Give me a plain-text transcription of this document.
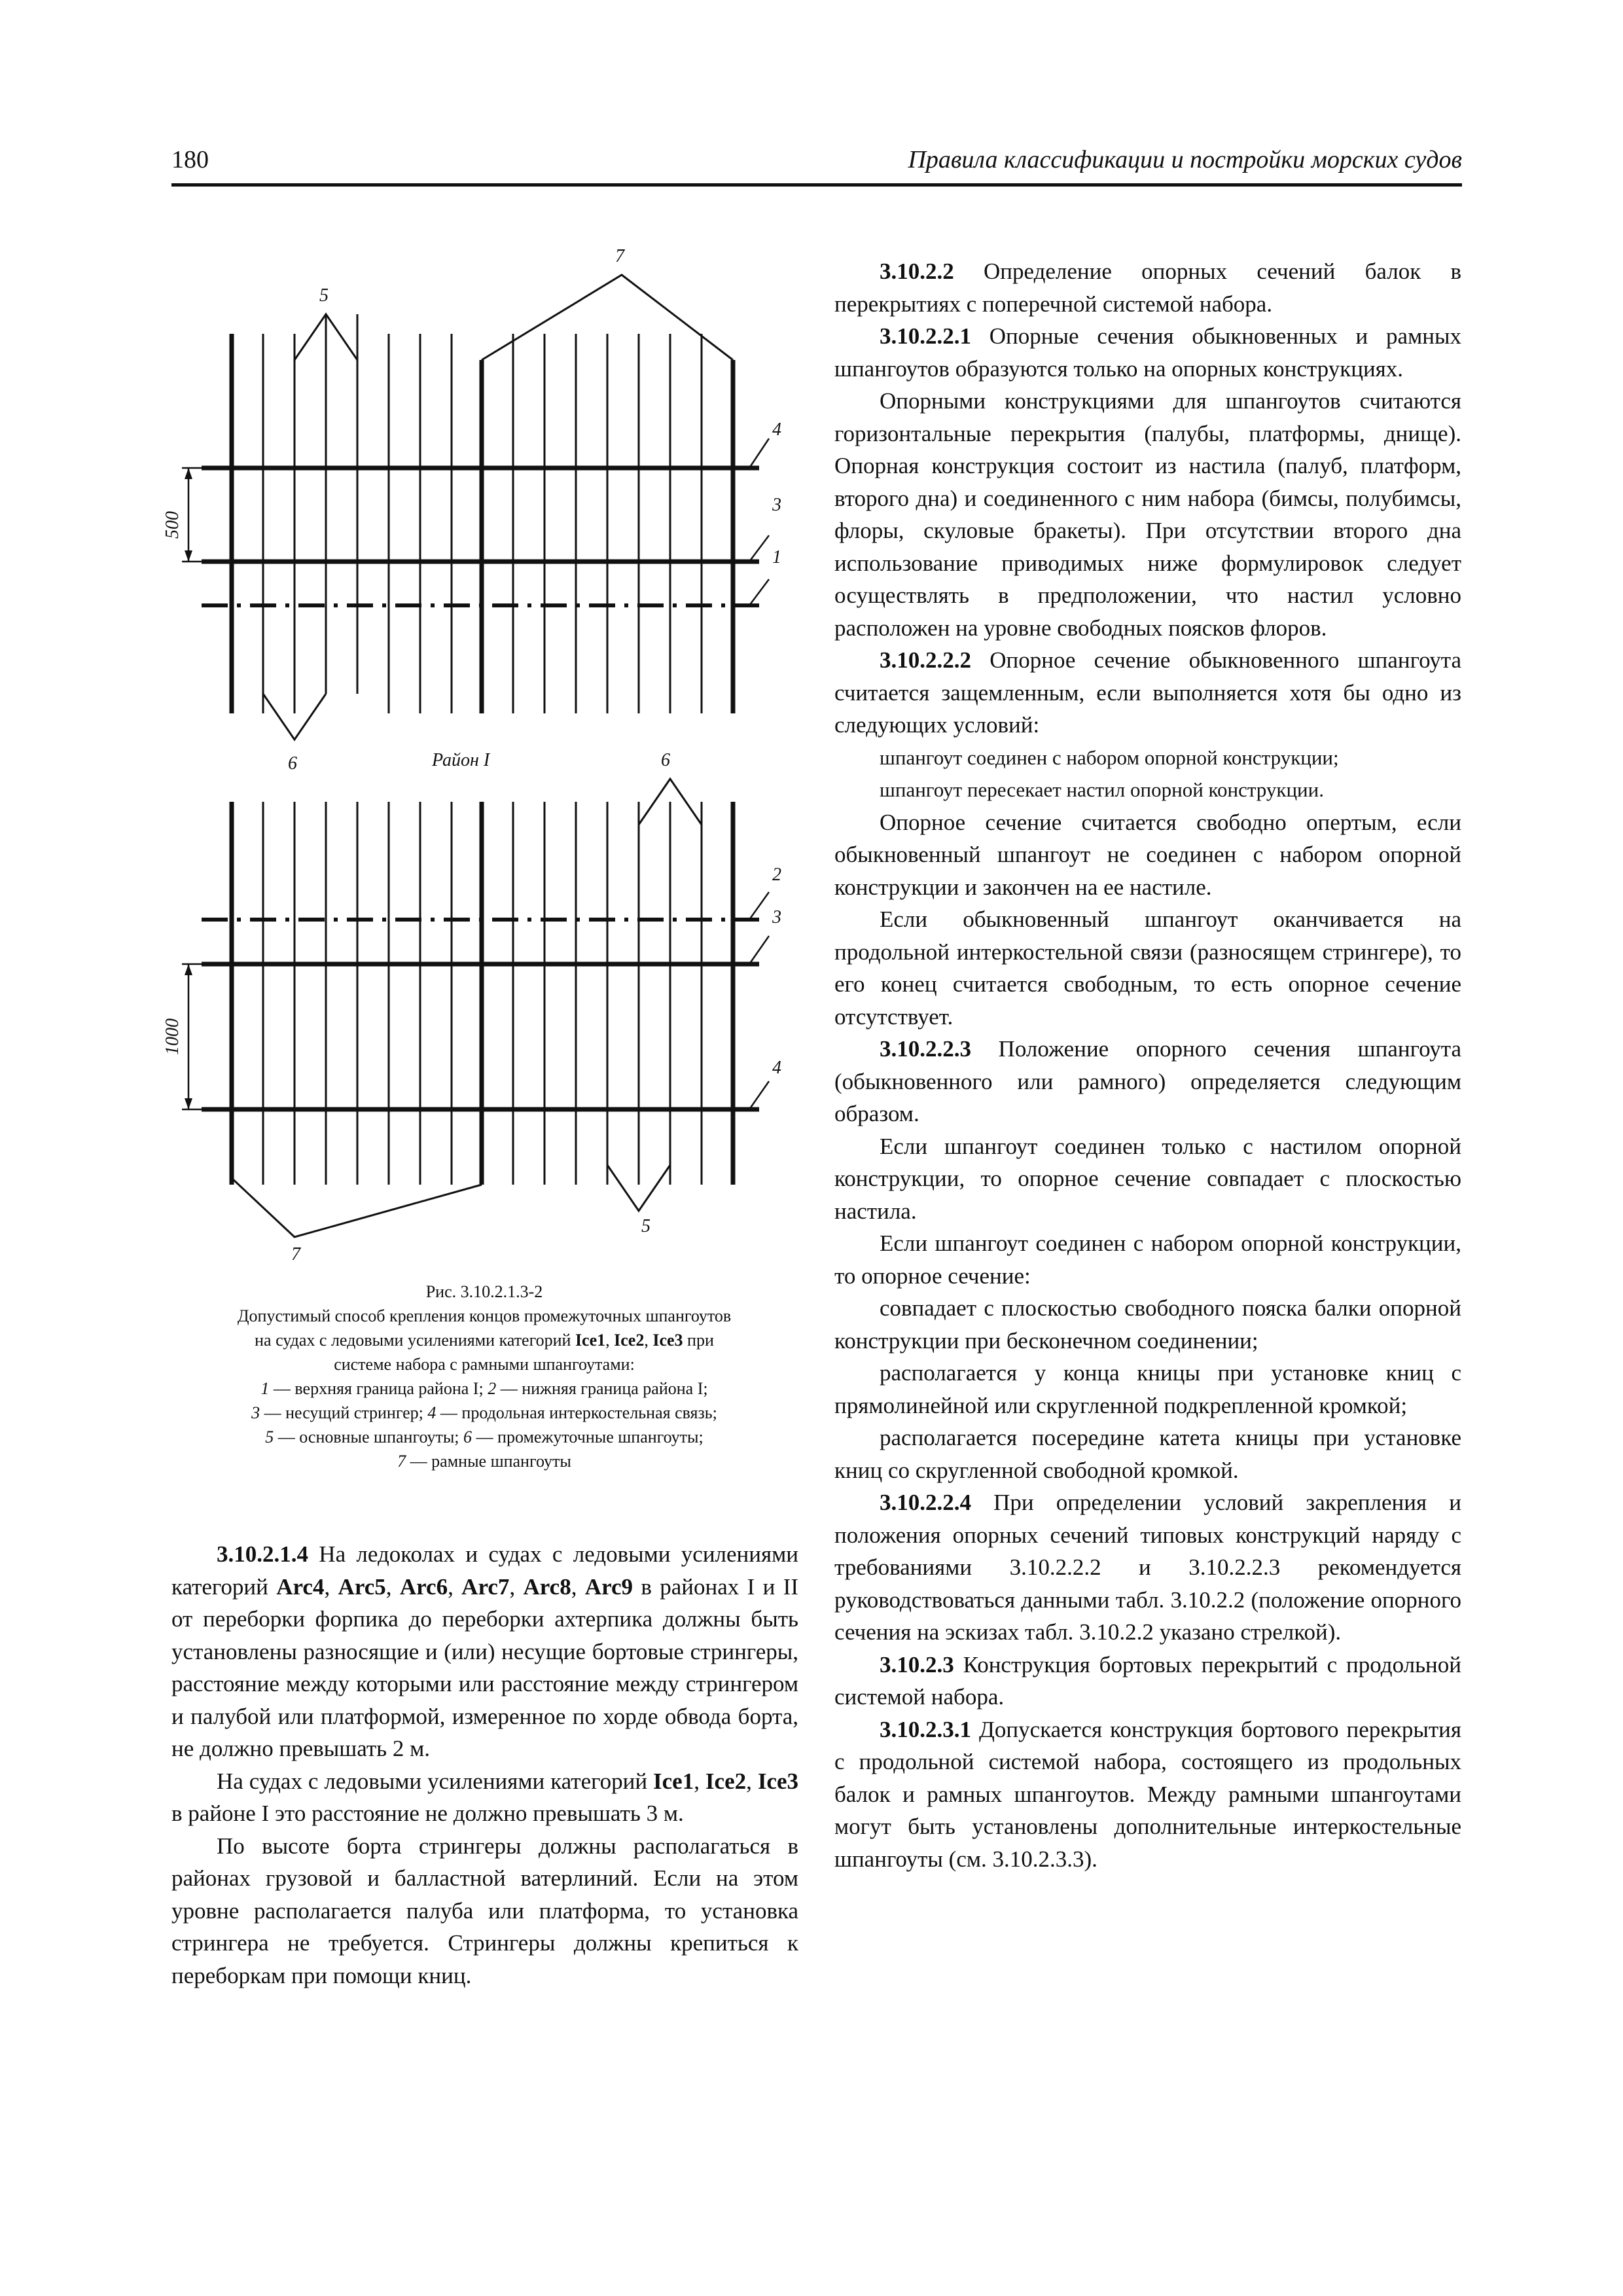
180	Правила классификации и постройки морских судов
7
5
4
3
1
500
6	Район I	6
2
3
4
1000
5
7

Рис. 3.10.2.1.3-2

Допустимый способ крепления концов промежуточных шпангоутов

на судах с ледовыми усилениями категорий Ice1, Ice2, Ice3 при

системе набора с рамными шпангоутами:

1 — верхняя граница района I; 2 — нижняя граница района I;

3 — несущий стрингер; 4 — продольная интеркостельная связь;

5 — основные шпангоуты; 6 — промежуточные шпангоуты;

7 — рамные шпангоуты

3.10.2.1.4 На ледоколах и судах с ледовыми усилениями категорий Arc4, Arc5, Arc6, Arc7, Arc8, Arc9 в районах I и II от переборки форпика до переборки ахтерпика должны быть установлены разносящие и (или) несущие бортовые стрингеры, расстояние между которыми или расстояние между стрингером и палубой или платформой, измеренное по хорде обвода борта, не должно превышать 2 м.

На судах с ледовыми усилениями категорий Ice1, Ice2, Ice3 в районе I это расстояние не должно превышать 3 м.

По высоте борта стрингеры должны располагаться в районах грузовой и балластной ватерлиний. Если на этом уровне располагается палуба или платформа, то установка стрингера не требуется. Стрингеры должны крепиться к переборкам при помощи книц.

3.10.2.2 Определение опорных сечений балок в перекрытиях с поперечной системой набора.

3.10.2.2.1 Опорные сечения обыкновенных и рамных шпангоутов образуются только на опорных конструкциях.

Опорными конструкциями для шпангоутов считаются горизонтальные перекрытия (палубы, платформы, днище). Опорная конструкция состоит из настила (палуб, платформ, второго дна) и соединенного с ним набора (бимсы, полубимсы, флоры, скуловые бракеты). При отсутствии второго дна использование приводимых ниже формулировок следует осуществлять в предположении, что настил условно расположен на уровне свободных поясков флоров.

3.10.2.2.2 Опорное сечение обыкновенного шпангоута считается защемленным, если выполняется хотя бы одно из следующих условий:

шпангоут соединен с набором опорной конструкции;

шпангоут пересекает настил опорной конструкции.

Опорное сечение считается свободно опертым, если обыкновенный шпангоут не соединен с набором опорной конструкции и закончен на ее настиле.

Если обыкновенный шпангоут оканчивается на продольной интеркостельной связи (разносящем стрингере), то его конец считается свободным, то есть опорное сечение отсутствует.

3.10.2.2.3 Положение опорного сечения шпангоута (обыкновенного или рамного) определяется следующим образом.

Если шпангоут соединен только с настилом опорной конструкции, то опорное сечение совпадает с плоскостью настила.

Если шпангоут соединен с набором опорной конструкции, то опорное сечение:

совпадает с плоскостью свободного пояска балки опорной конструкции при бесконечном соединении;

располагается у конца кницы при установке книц с прямолинейной или скругленной подкрепленной кромкой;

располагается посередине катета кницы при установке книц со скругленной свободной кромкой.

3.10.2.2.4 При определении условий закрепления и положения опорных сечений типовых конструкций наряду с требованиями 3.10.2.2.2 и 3.10.2.2.3 рекомендуется руководствоваться данными табл. 3.10.2.2 (положение опорного сечения на эскизах табл. 3.10.2.2 указано стрелкой).

3.10.2.3 Конструкция бортовых перекрытий с продольной системой набора.

3.10.2.3.1 Допускается конструкция бортового перекрытия с продольной системой набора, состоящего из продольных балок и рамных шпангоутов. Между рамными шпангоутами могут быть установлены дополнительные интеркостельные шпангоуты (см. 3.10.2.3.3).
